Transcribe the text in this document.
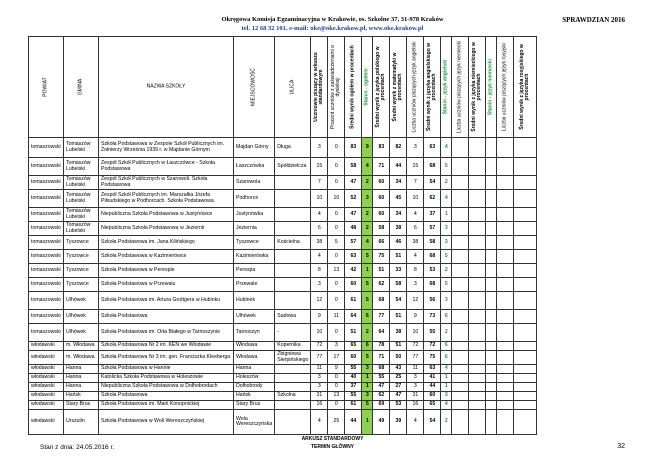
Okręgowa Komisja Egzaminacyjna w Krakowie, os. Szkolne 37, 31-978 Kraków
tel. 12 68 32 101, e-mail: oke@oke.krakow.pl, www.oke.krakow.pl
SPRAWDZIAN 2016
POWIAT	GMINA	NAZWA SZKOŁY	MIEJSCOWOŚĆ	ULICA	Uczniowie piszący w arkuszu standardowym	Procent uczniów z zaświadczeniami o dysleksji	Średni wynik ogółem w procentach	Stanin - ogółem	Średni wynik z języka polskiego w procentach	Średni wynik z matematyki w procentach	Liczba uczniów piszących język angielski	Średni wynik z języka angielskiego w procentach	Stanin - język angielski	Liczba uczniów piszących język niemiecki	Średni wynik z języka niemieckiego w procentach	Stanin - język niemiecki	Liczba uczniów piszących język rosyjski	Średni wynik z języka rosyjskiego w procentach

tomaszowski	Tomaszów Lubelski	Szkoła Podstawowa w Zespole Szkół Publicznych im. Żołnierzy Września 1939 r. w Majdanie Górnym	Majdan Górny	Długa	3	0	83	9	83	82	3	63	4					
tomaszowski	Tomaszów Lubelski	Zespół Szkół Publicznych w Łaszczówce - Szkoła Podstawowa	Łaszczówka	Spółdzielcza	15	0	58	4	71	44	15	68	5					
tomaszowski	Tomaszów Lubelski	Zespół Szkół Publicznych w Szarowoli. Szkoła Podstawowa	Szarowola		7	0	47	2	60	34	7	54	2					
tomaszowski	Tomaszów Lubelski	Zespół Szkół Publicznych im. Marszałka Józefa Piłsudskiego w Podhorcach. Szkoła Podstawowa	Podhorce		10	10	52	3	60	45	10	62	4					
tomaszowski	Tomaszów Lubelski	Niepubliczna Szkoła Podstawowa w Justynówce	Justynówka		4	0	47	2	60	34	4	37	1					
tomaszowski	Tomaszów Lubelski	Niepubliczna Szkoła Podstawowa w Jeziernii	Jeziernia		6	0	48	2	58	38	6	57	3					
tomaszowski	Tyszowce	Szkoła Podstawowa im. Jana Kilińskiego	Tyszowce	Kościelna	38	5	57	4	66	46	38	58	3					
tomaszowski	Tyszowce	Szkoła Podstawowa w Kazimierówce	Kazimierówka		4	0	63	5	75	51	4	68	5					
tomaszowski	Tyszowce	Szkoła Podstawowa w Perespie	Perespa		8	13	42	1	51	33	8	53	2					
tomaszowski	Tyszowce	Szkoła Podstawowa w Przewalu	Przewale		3	0	60	5	62	58	3	68	5					
tomaszowski	Ulhówek	Szkoła Podstawowa im. Artura Grottgera w Hubinku	Hubinek		12	0	61	5	68	54	12	56	3					
tomaszowski	Ulhówek	Szkoła Podstawowa	Ulhówek	Sadowa	9	11	64	6	77	51	9	73	6					
tomaszowski	Ulhówek	Szkoła Podstawowa im. Orła Białego w Tarnoszynie	Tarnoszyn	-	10	0	51	2	64	38	10	55	2					
włodawski	m. Włodawa	Szkoła Podstawowa Nr 2 im. KEN we Włodawie	Włodawa	Kopernika	72	3	65	6	78	51	72	72	6					
włodawski	m. Włodawa	Szkoła Podstawowa Nr 3 im. gen. Franciszka Kleeberga	Włodawa	Zbigniewa Sierpińskiego	77	17	60	5	71	50	77	75	6					
włodawski	Hanna	Szkoła Podstawowa w Hannie	Hanna		11	9	55	3	68	43	11	63	4					
włodawski	Hanna	Katolicka Szkoła Podstawowa w Holeszowie	Holeszów		3	0	40	1	55	25	3	41	1					
włodawski	Hanna	Niepubliczna Szkoła Podstawowa w Dołhobrodach	Dołhobrody		3	0	37	1	47	27	3	44	1					
włodawski	Hańsk	Szkoła Podstawowa	Hańsk	Szkolna	31	13	55	3	62	47	31	60	3					
włodawski	Stary Brus	Szkoła Podstawowa im. Marii Konopnickiej	Stary Brus		16	0	61	5	69	53	16	65	4					
włodawski	Urszulin	Szkoła Podstawowa w Woli Wereszczyńskiej	Wola Wereszczyńska		4	25	44	1	49	39	4	54	2					
Stan z dnia: 24.05.2016 r.
ARKUSZ STANDARDOWY
TERMIN GŁÓWNY	32
